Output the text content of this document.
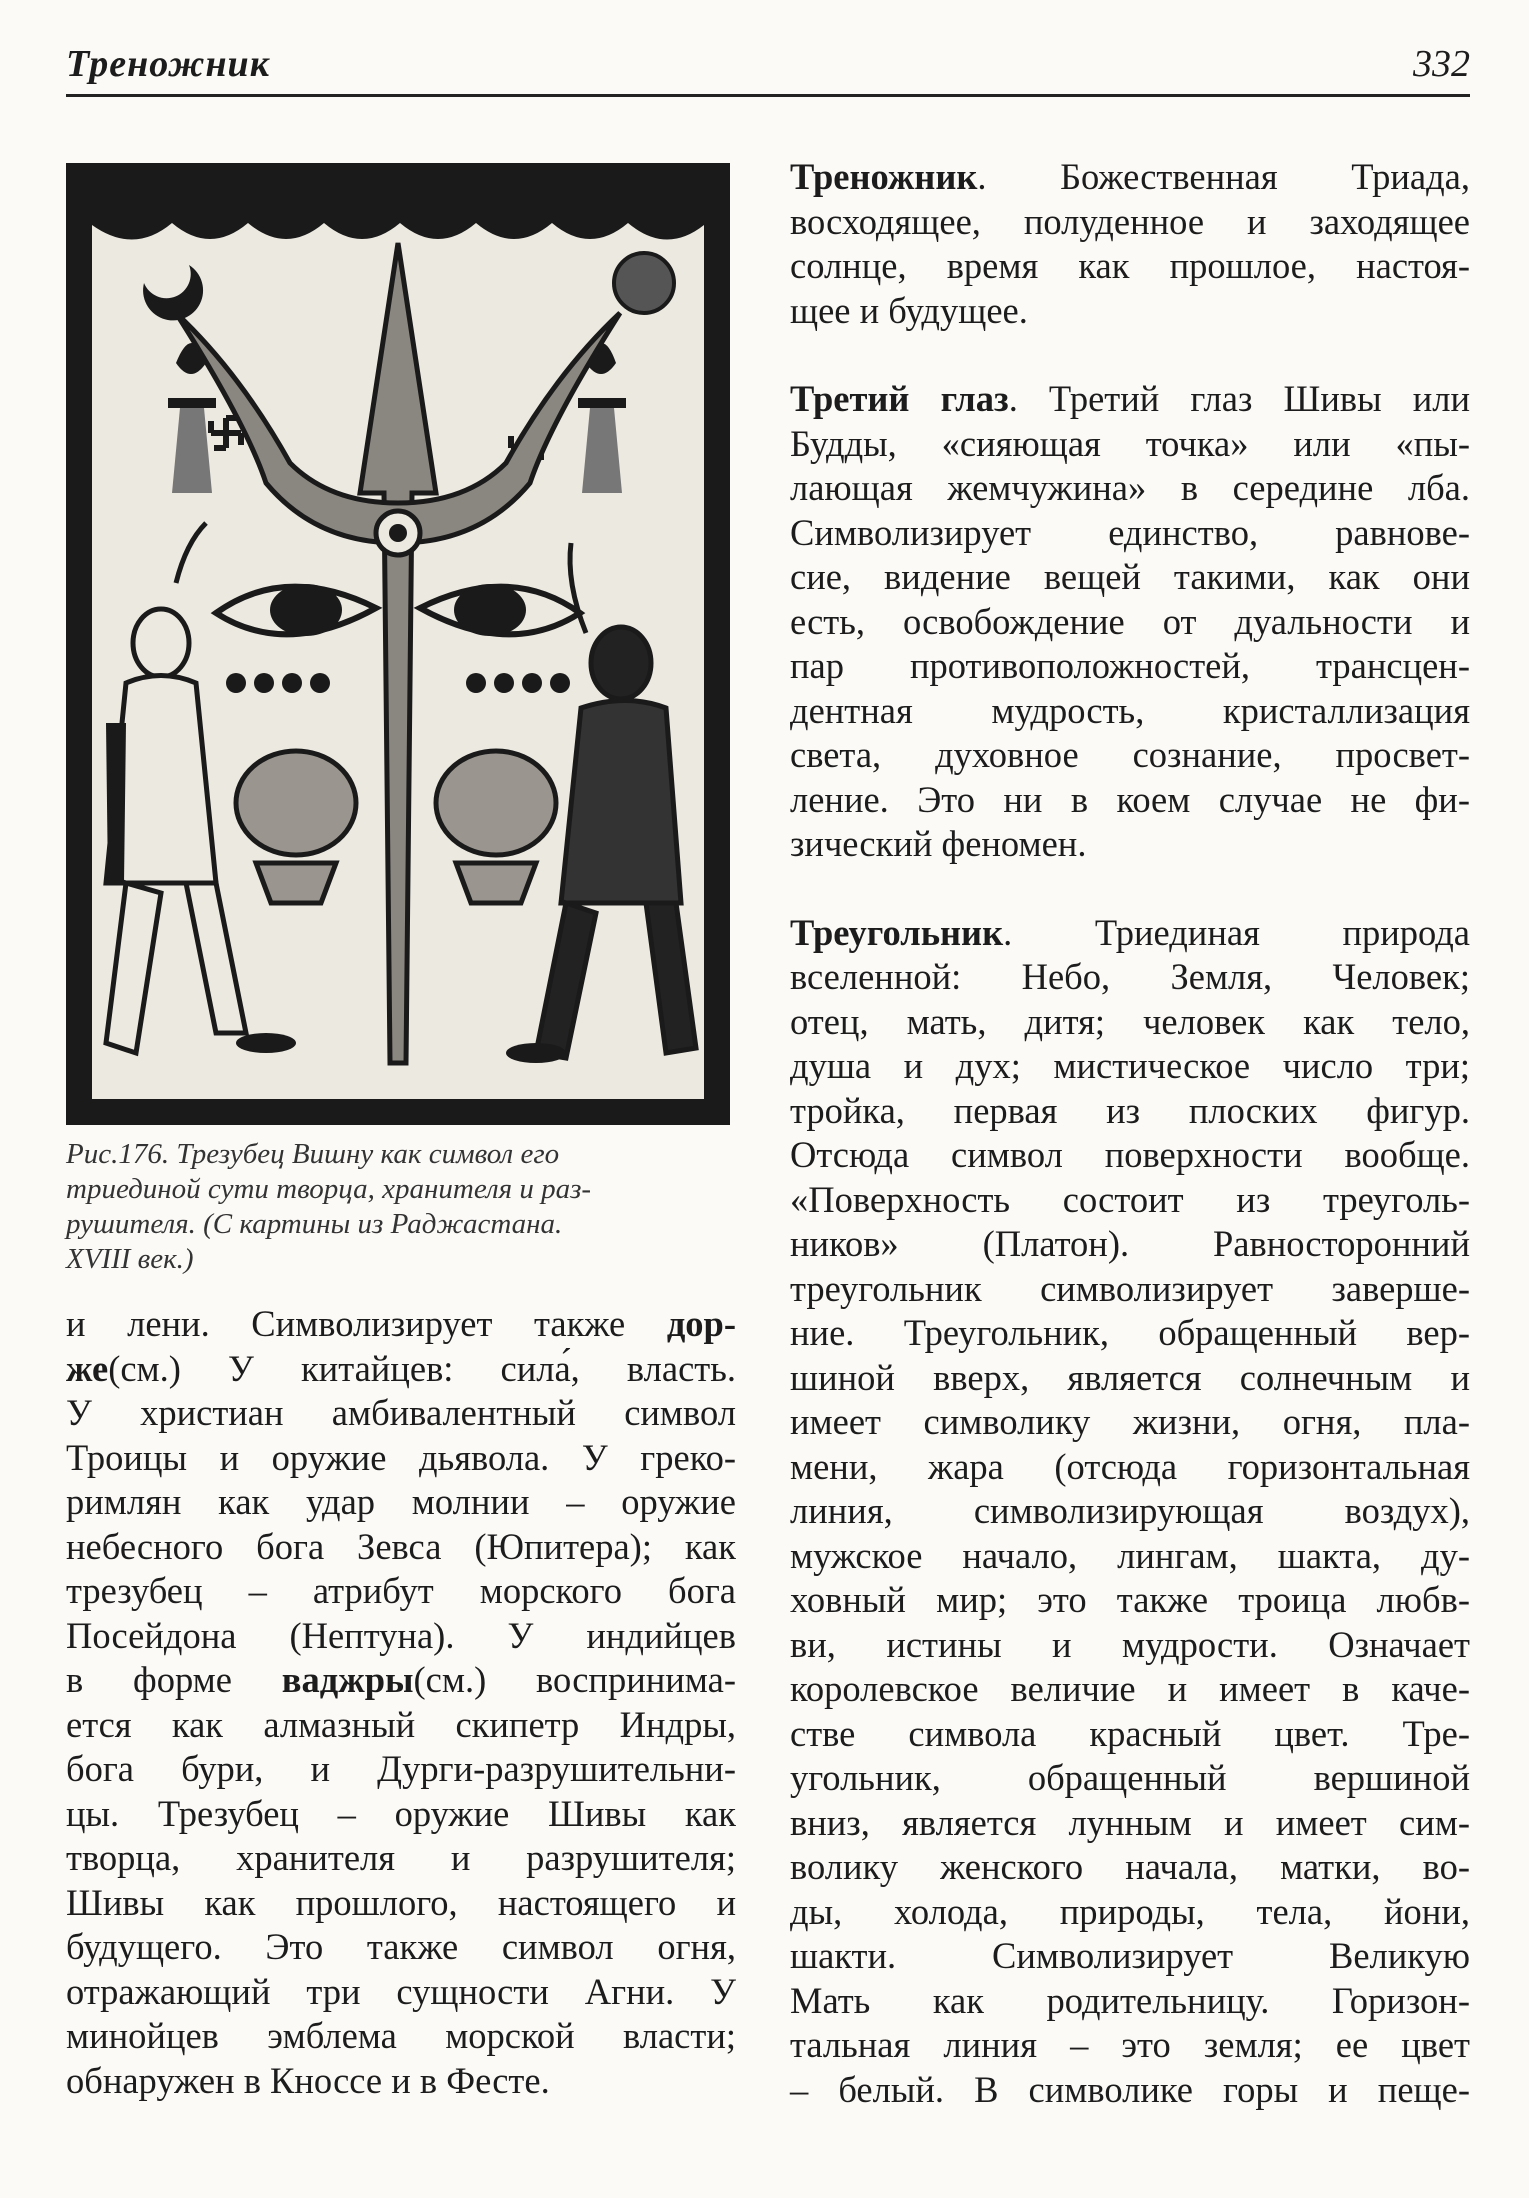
Треножник	332
Рис.176. Трезубец Вишну как символ его
триединой сути творца, хранителя и раз-
рушителя. (С картины из Раджастана.
XVIII век.)
и лени. Символизирует также дор-
же(см.) У китайцев: сила́, власть.
У христиан амбивалентный символ
Троицы и оружие дьявола. У греко-
римлян как удар молнии – оружие
небесного бога Зевса (Юпитера); как
трезубец – атрибут морского бога
Посейдона (Нептуна). У индийцев
в форме ваджры(см.) воспринима-
ется как алмазный скипетр Индры,
бога бури, и Дурги-разрушительни-
цы. Трезубец – оружие Шивы как
творца, хранителя и разрушителя;
Шивы как прошлого, настоящего и
будущего. Это также символ огня,
отражающий три сущности Агни. У
минойцев эмблема морской власти;
обнаружен в Кноссе и в Фесте.
Треножник. Божественная Триада,
восходящее, полуденное и заходящее
солнце, время как прошлое, настоя-
щее и будущее.
Третий глаз. Третий глаз Шивы или
Будды, «сияющая точка» или «пы-
лающая жемчужина» в середине лба.
Символизирует единство, равнове-
сие, видение вещей такими, как они
есть, освобождение от дуальности и
пар противоположностей, трансцен-
дентная мудрость, кристаллизация
света, духовное сознание, просвет-
ление. Это ни в коем случае не фи-
зический феномен.
Треугольник. Триединая природа
вселенной: Небо, Земля, Человек;
отец, мать, дитя; человек как тело,
душа и дух; мистическое число три;
тройка, первая из плоских фигур.
Отсюда символ поверхности вообще.
«Поверхность состоит из треуголь-
ников» (Платон). Равносторонний
треугольник символизирует заверше-
ние. Треугольник, обращенный вер-
шиной вверх, является солнечным и
имеет символику жизни, огня, пла-
мени, жара (отсюда горизонтальная
линия, символизирующая воздух),
мужское начало, лингам, шакта, ду-
ховный мир; это также троица любв-
ви, истины и мудрости. Означает
королевское величие и имеет в каче-
стве символа красный цвет. Тре-
угольник, обращенный вершиной
вниз, является лунным и имеет сим-
волику женского начала, матки, во-
ды, холода, природы, тела, йони,
шакти. Символизирует Великую
Мать как родительницу. Горизон-
тальная линия – это земля; ее цвет
– белый. В символике горы и пеще-
